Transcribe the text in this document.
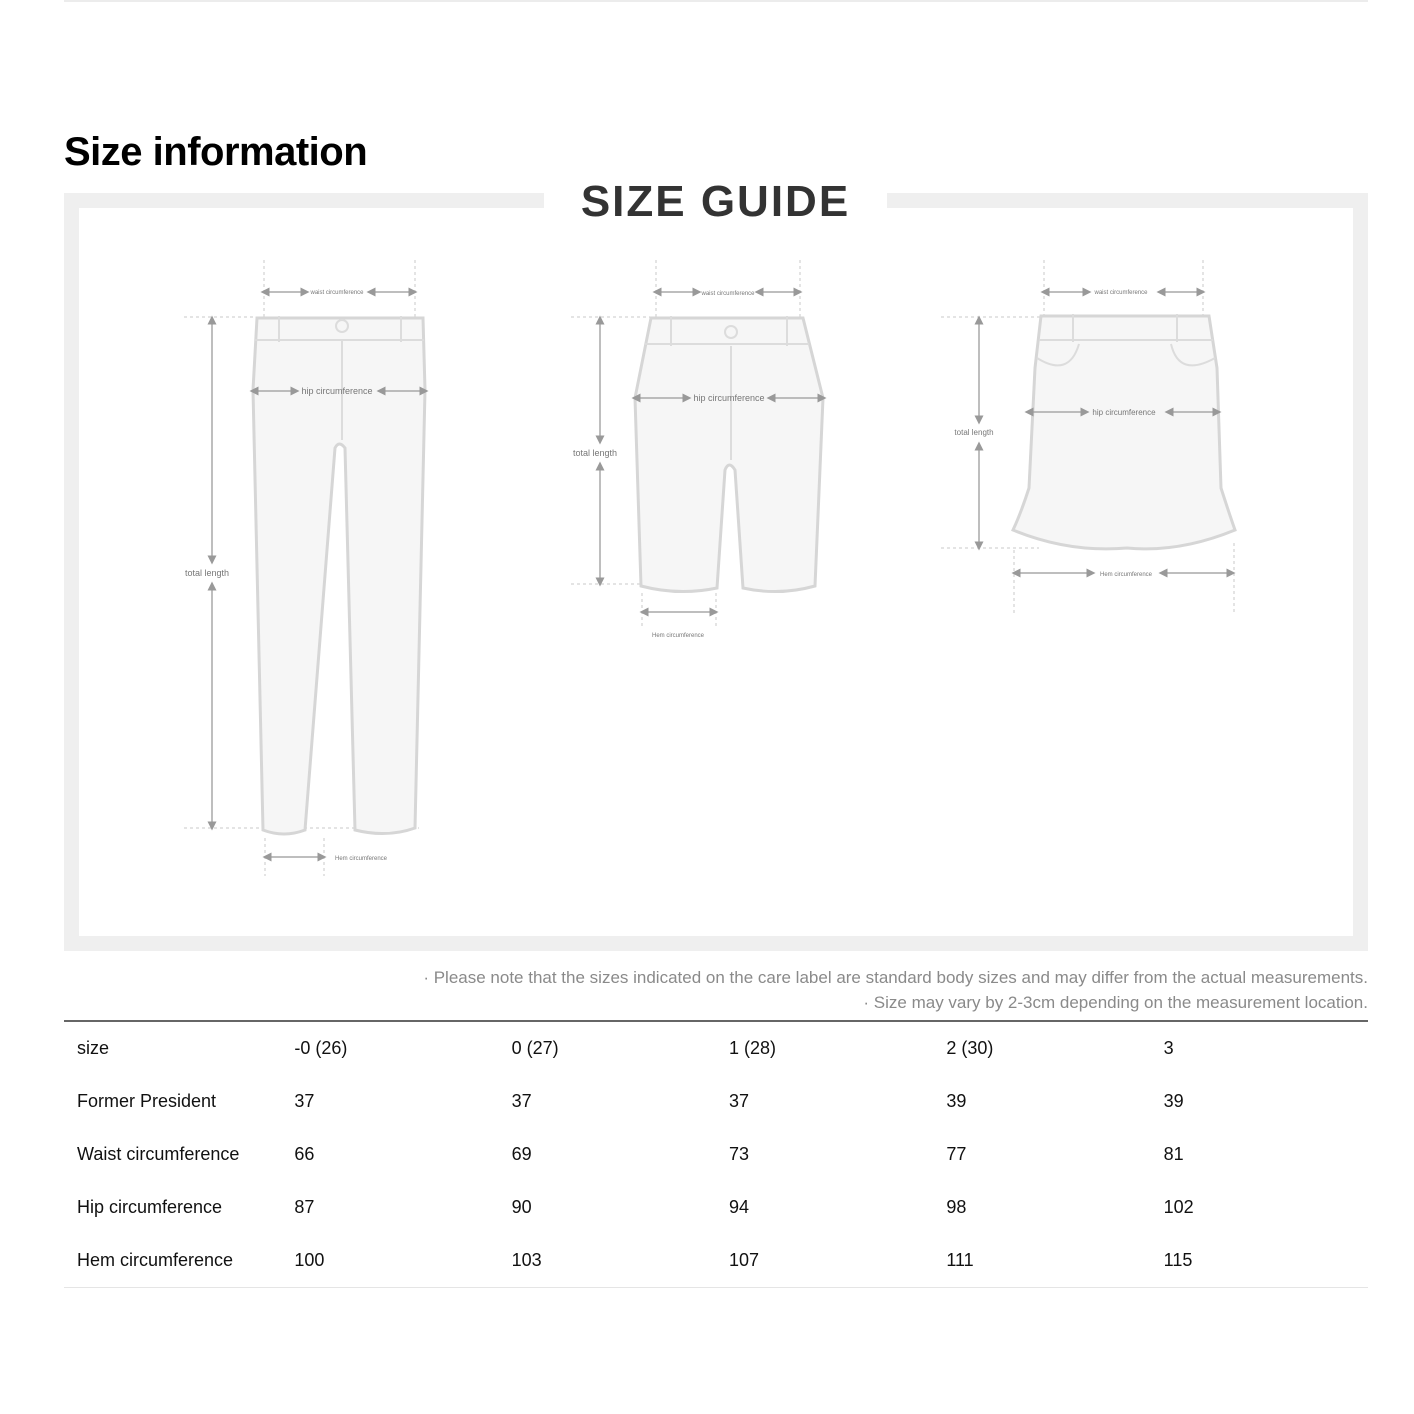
Size information
SIZE GUIDE
waist circumference
hip circumference
total length
Hem circumference
waist circumference
hip circumference
total length
Hem circumference
waist circumference
hip circumference
total length
Hem circumference
· Please note that the sizes indicated on the care label are standard body sizes and may differ from the actual measurements.
· Size may vary by 2-3cm depending on the measurement location.
size	-0 (26)	0 (27)	1 (28)	2 (30)	3
Former President	37	37	37	39	39
Waist circumference	66	69	73	77	81
Hip circumference	87	90	94	98	102
Hem circumference	100	103	107	111	115
